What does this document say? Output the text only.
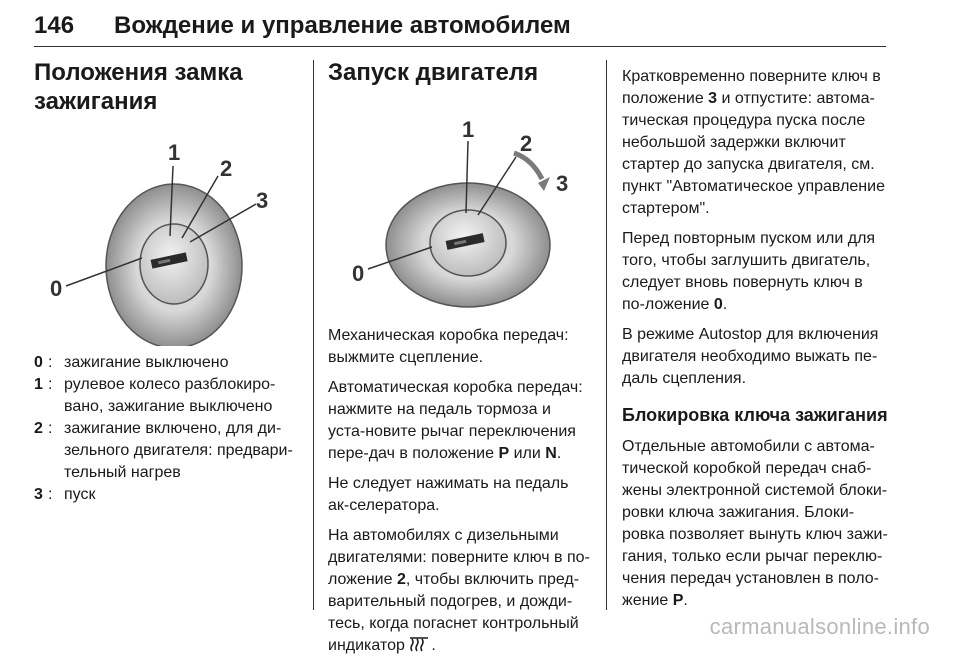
146 Вождение и управление автомобилем
Положения замка зажигания
1
2
3
0
0 : зажигание выключено
1 : рулевое колесо разблокиро-вано, зажигание выключено
2 : зажигание включено, для ди-зельного двигателя: предвари-тельный нагрев
3 : пуск
Запуск двигателя
1
2
3
0

Механическая коробка передач: выжмите сцепление.

Автоматическая коробка передач: нажмите на педаль тормоза и уста-новите рычаг переключения пере-дач в положение P или N.

Не следует нажимать на педаль ак-селератора.

На автомобилях с дизельными двигателями: поверните ключ в по-ложение 2, чтобы включить пред-варительный подогрев, и дожди-тесь, когда погаснет контрольный индикатор .

Кратковременно поверните ключ в положение 3 и отпустите: автома-тическая процедура пуска после небольшой задержки включит стартер до запуска двигателя, см. пункт "Автоматическое управление стартером".

Перед повторным пуском или для того, чтобы заглушить двигатель, следует вновь повернуть ключ в по-ложение 0.

В режиме Autostop для включения двигателя необходимо выжать пе-даль сцепления.

Блокировка ключа зажигания

Отдельные автомобили с автома-тической коробкой передач снаб-жены электронной системой блоки-ровки ключа зажигания. Блоки-ровка позволяет вынуть ключ зажи-гания, только если рычаг переклю-чения передач установлен в поло-жение P.

carmanualsonline.info
